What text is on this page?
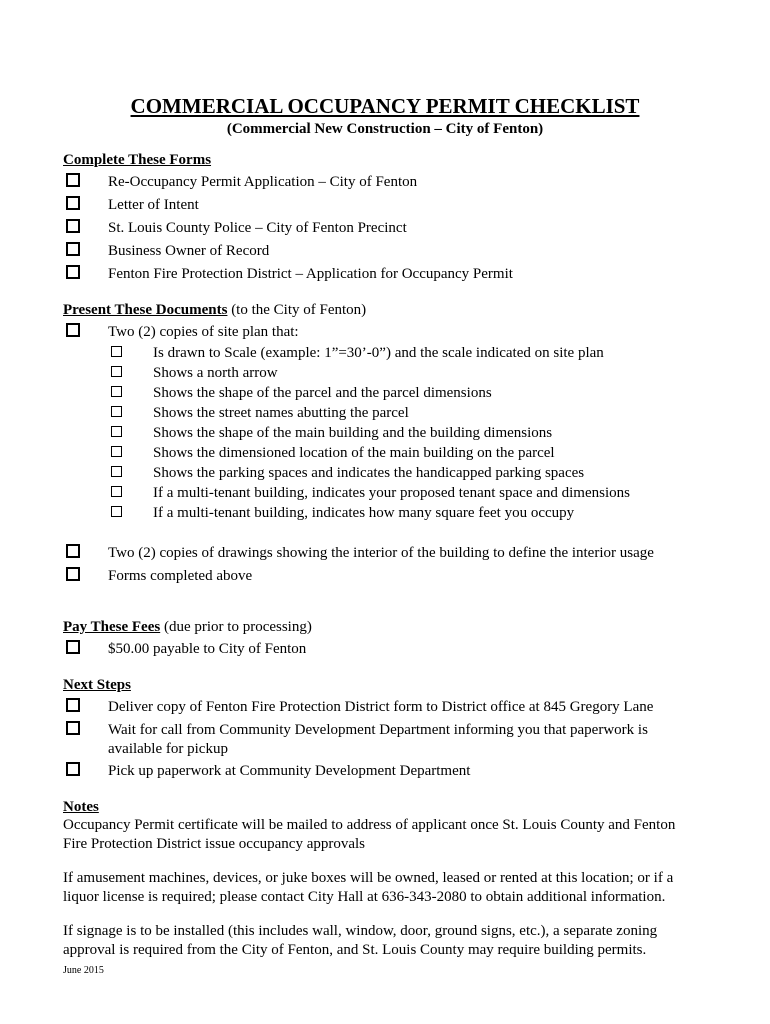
COMMERCIAL OCCUPANCY PERMIT CHECKLIST
(Commercial New Construction – City of Fenton)
Complete These Forms
Re-Occupancy Permit Application – City of Fenton
Letter of Intent
St. Louis County Police – City of Fenton Precinct
Business Owner of Record
Fenton Fire Protection District – Application for Occupancy Permit
Present These Documents (to the City of Fenton)
Two (2) copies of site plan that:
Is drawn to Scale (example: 1”=30’-0”) and the scale indicated on site plan
Shows a north arrow
Shows the shape of the parcel and the parcel dimensions
Shows the street names abutting the parcel
Shows the shape of the main building and the building dimensions
Shows the dimensioned location of the main building on the parcel
Shows the parking spaces and indicates the handicapped parking spaces
If a multi-tenant building, indicates your proposed tenant space and dimensions
If a multi-tenant building, indicates how many square feet you occupy
Two (2) copies of drawings showing the interior of the building to define the interior usage
Forms completed above
Pay These Fees (due prior to processing)
$50.00 payable to City of Fenton
Next Steps
Deliver copy of Fenton Fire Protection District form to District office at 845 Gregory Lane
Wait for call from Community Development Department informing you that paperwork is
available for pickup
Pick up paperwork at Community Development Department
Notes
Occupancy Permit certificate will be mailed to address of applicant once St. Louis County and Fenton Fire Protection District issue occupancy approvals
If amusement machines, devices, or juke boxes will be owned, leased or rented at this location; or if a liquor license is required; please contact City Hall at 636-343-2080 to obtain additional information.
If signage is to be installed (this includes wall, window, door, ground signs, etc.), a separate zoning approval is required from the City of Fenton, and St. Louis County may require building permits.
June 2015
